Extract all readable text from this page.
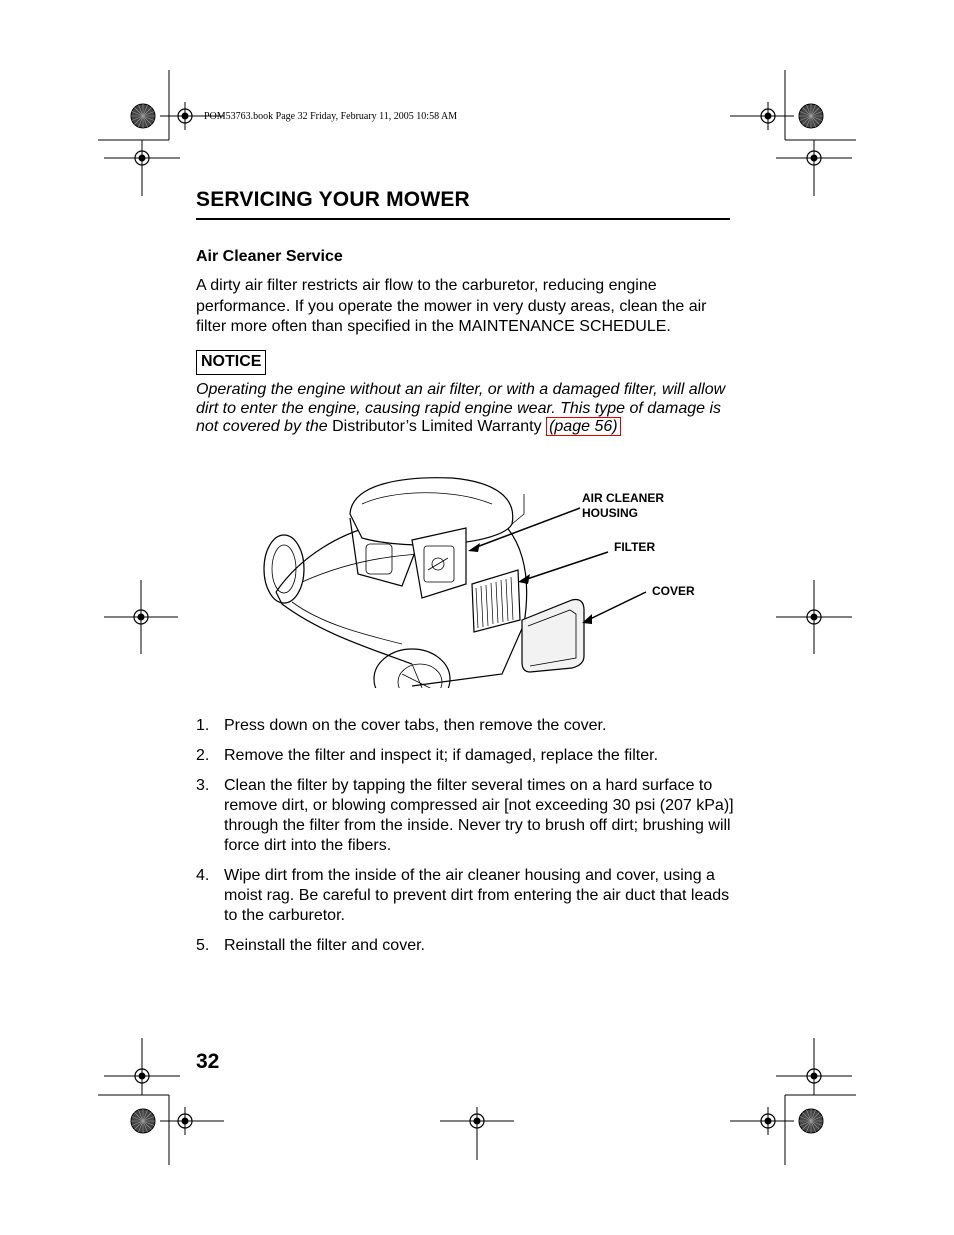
POM53763.book Page 32 Friday, February 11, 2005 10:58 AM
SERVICING YOUR MOWER
Air Cleaner Service

A dirty air filter restricts air flow to the carburetor, reducing engine performance. If you operate the mower in very dusty areas, clean the air filter more often than specified in the MAINTENANCE SCHEDULE.

NOTICE

Operating the engine without an air filter, or with a damaged filter, will allow dirt to enter the engine, causing rapid engine wear. This type of damage is not covered by the Distributor’s Limited Warranty (page 56)

AIR CLEANER
HOUSING
FILTER
COVER
1. Press down on the cover tabs, then remove the cover.
2. Remove the filter and inspect it; if damaged, replace the filter.
3. Clean the filter by tapping the filter several times on a hard surface to remove dirt, or blowing compressed air [not exceeding 30 psi (207 kPa)] through the filter from the inside. Never try to brush off dirt; brushing will force dirt into the fibers.
4. Wipe dirt from the inside of the air cleaner housing and cover, using a moist rag. Be careful to prevent dirt from entering the air duct that leads to the carburetor.
5. Reinstall the filter and cover.
32
